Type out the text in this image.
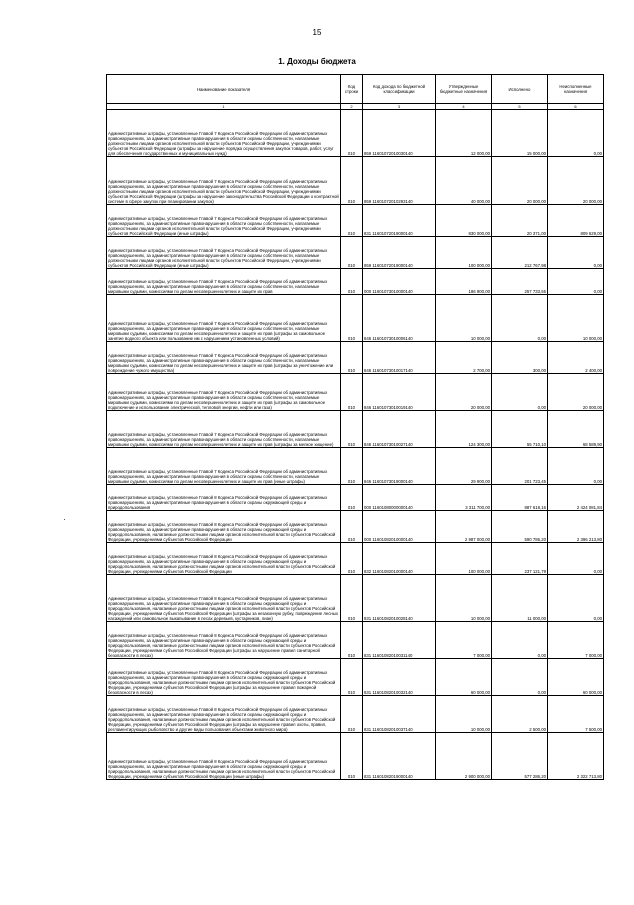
15
1. Доходы бюджета
Наименование показателя	Код строки	Код дохода по бюджетной классификации	Утвержденные бюджетные назначения	Исполнено	Неисполненные назначения
1	2	3	4	5	6
Административные штрафы, установленные Главой 7 Кодекса Российской Федерации об административных правонарушениях, за административные правонарушения в области охраны собственности, налагаемые должностными лицами органов исполнительной власти субъектов Российской Федерации, учреждениями субъектов Российской Федерации (штрафы за нарушение порядка осуществления закупок товаров, работ, услуг для обеспечения государственных и муниципальных нужд)	010	859 11601072010030140	12 000,00	15 000,00	0,00
Административные штрафы, установленные Главой 7 Кодекса Российской Федерации об административных правонарушениях, за административные правонарушения в области охраны собственности, налагаемые должностными лицами органов исполнительной власти субъектов Российской Федерации, учреждениями субъектов Российской Федерации (штрафы за нарушение законодательства Российской Федерации о контрактной системе в сфере закупок при планировании закупок)	010	859 11601072010293140	40 000,00	20 000,00	20 000,00
Административные штрафы, установленные Главой 7 Кодекса Российской Федерации об административных правонарушениях, за административные правонарушения в области охраны собственности, налагаемые должностными лицами органов исполнительной власти субъектов Российской Федерации, учреждениями субъектов Российской Федерации (иные штрафы)	010	831 11601072019000140	830 000,00	20 371,00	809 629,00
Административные штрафы, установленные Главой 7 Кодекса Российской Федерации об административных правонарушениях, за административные правонарушения в области охраны собственности, налагаемые должностными лицами органов исполнительной власти субъектов Российской Федерации, учреждениями субъектов Российской Федерации (иные штрафы)	010	859 11601072019000140	100 000,00	212 767,98	0,00
Административные штрафы, установленные Главой 7 Кодекса Российской Федерации об административных правонарушениях, за административные правонарушения в области охраны собственности, налагаемые мировыми судьями, комиссиями по делам несовершеннолетних и защите их прав	010	000 11601073010000140	186 900,00	257 733,55	0,00
Административные штрафы, установленные Главой 7 Кодекса Российской Федерации об административных правонарушениях, за административные правонарушения в области охраны собственности, налагаемые мировыми судьями, комиссиями по делам несовершеннолетних и защите их прав (штрафы за самовольное занятие водного объекта или пользование им с нарушением установленных условий)	010	846 11601073010006140	10 000,00	0,00	10 000,00
Административные штрафы, установленные Главой 7 Кодекса Российской Федерации об административных правонарушениях, за административные правонарушения в области охраны собственности, налагаемые мировыми судьями, комиссиями по делам несовершеннолетних и защите их прав (штрафы за уничтожение или повреждение чужого имущества)	010	846 11601073010017140	2 700,00	300,00	2 400,00
Административные штрафы, установленные Главой 7 Кодекса Российской Федерации об административных правонарушениях, за административные правонарушения в области охраны собственности, налагаемые мировыми судьями, комиссиями по делам несовершеннолетних и защите их прав (штрафы за самовольное подключение и использование электрической, тепловой энергии, нефти или газа)	010	846 11601073010019140	20 000,00	0,00	20 000,00
Административные штрафы, установленные Главой 7 Кодекса Российской Федерации об административных правонарушениях, за административные правонарушения в области охраны собственности, налагаемые мировыми судьями, комиссиями по делам несовершеннолетних и защите их прав (штрафы за мелкое хищение)	010	846 11601073010027140	124 300,00	55 710,10	68 589,90
Административные штрафы, установленные Главой 7 Кодекса Российской Федерации об административных правонарушениях, за административные правонарушения в области охраны собственности, налагаемые мировыми судьями, комиссиями по делам несовершеннолетних и защите их прав (иные штрафы)	010	846 11601073019000140	29 900,00	201 723,45	0,00
Административные штрафы, установленные Главой 8 Кодекса Российской Федерации об административных правонарушениях, за административные правонарушения в области охраны окружающей среды и природопользования	010	000 11601080000000140	3 311 700,00	887 618,16	2 424 081,84
Административные штрафы, установленные Главой 8 Кодекса Российской Федерации об административных правонарушениях, за административные правонарушения в области охраны окружающей среды и природопользования, налагаемые должностными лицами органов исполнительной власти субъектов Российской Федерации, учреждениями субъектов Российской Федерации	010	000 11601082010000140	2 987 000,00	590 786,20	2 396 213,80
Административные штрафы, установленные Главой 8 Кодекса Российской Федерации об административных правонарушениях, за административные правонарушения в области охраны окружающей среды и природопользования, налагаемые должностными лицами органов исполнительной власти субъектов Российской Федерации, учреждениями субъектов Российской Федерации	010	832 11601082010000140	100 000,00	237 121,79	0,00
Административные штрафы, установленные Главой 8 Кодекса Российской Федерации об административных правонарушениях, за административные правонарушения в области охраны окружающей среды и природопользования, налагаемые должностными лицами органов исполнительной власти субъектов Российской Федерации, учреждениями субъектов Российской Федерации (штрафы за незаконную рубку, повреждение лесных насаждений или самовольное выкапывание в лесах деревьев, кустарников, лиан)	010	831 11601082010028140	10 000,00	11 000,00	0,00
Административные штрафы, установленные Главой 8 Кодекса Российской Федерации об административных правонарушениях, за административные правонарушения в области охраны окружающей среды и природопользования, налагаемые должностными лицами органов исполнительной власти субъектов Российской Федерации, учреждениями субъектов Российской Федерации (штрафы за нарушение правил санитарной безопасности в лесах)	010	831 11601082010031140	7 000,00	0,00	7 000,00
Административные штрафы, установленные Главой 8 Кодекса Российской Федерации об административных правонарушениях, за административные правонарушения в области охраны окружающей среды и природопользования, налагаемые должностными лицами органов исполнительной власти субъектов Российской Федерации, учреждениями субъектов Российской Федерации (штрафы за нарушение правил пожарной безопасности в лесах)	010	831 11601082010032140	60 000,00	0,00	60 000,00
Административные штрафы, установленные Главой 8 Кодекса Российской Федерации об административных правонарушениях, за административные правонарушения в области охраны окружающей среды и природопользования, налагаемые должностными лицами органов исполнительной власти субъектов Российской Федерации, учреждениями субъектов Российской Федерации (штрафы за нарушение правил охоты, правил, регламентирующих рыболовство и другие виды пользования объектами животного мира)	010	831 11601082010037140	10 000,00	2 500,00	7 500,00
Административные штрафы, установленные Главой 8 Кодекса Российской Федерации об административных правонарушениях, за административные правонарушения в области охраны окружающей среды и природопользования, налагаемые должностными лицами органов исполнительной власти субъектов Российской Федерации, учреждениями субъектов Российской Федерации (иные штрафы)	010	831 11601082019000140	2 900 000,00	577 286,20	2 322 713,80
